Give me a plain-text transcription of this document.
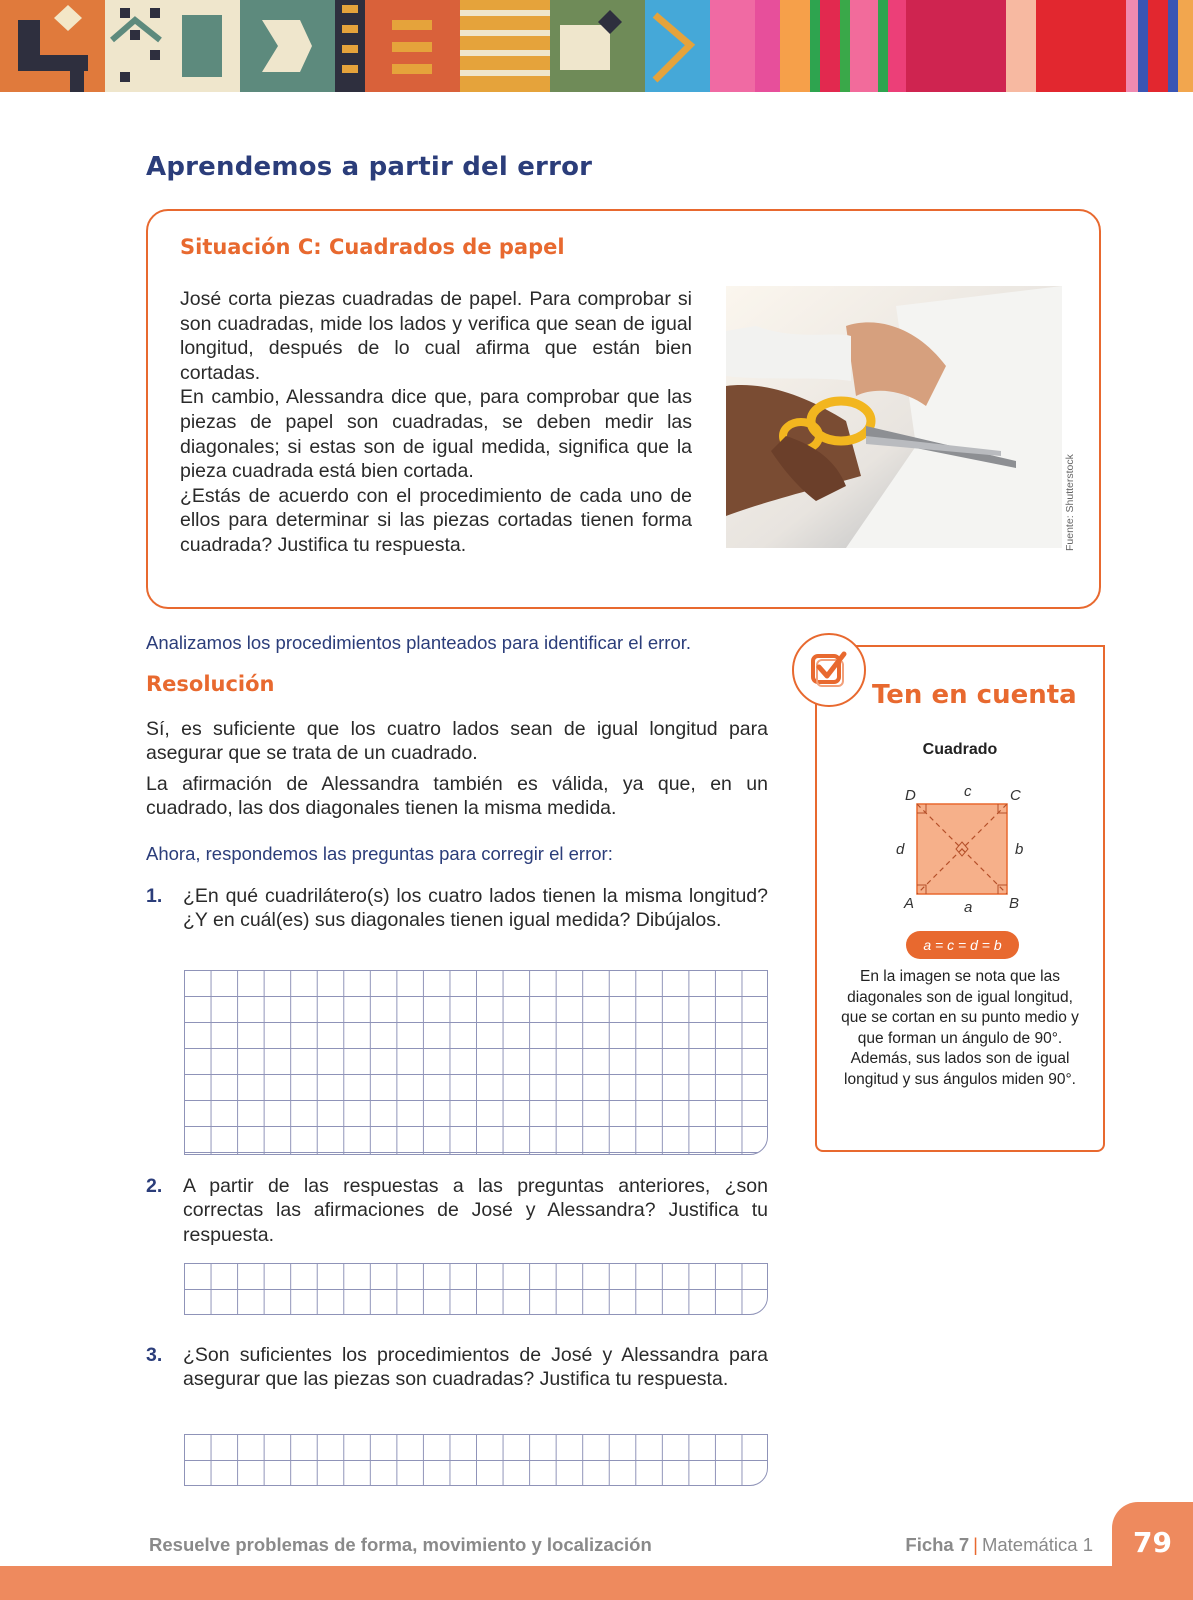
Aprendemos a partir del error
Situación C: Cuadrados de papel

José corta piezas cuadradas de papel. Para comprobar si son cuadradas, mide los lados y verifica que sean de igual longitud, después de lo cual afirma que están bien cortadas.

En cambio, Alessandra dice que, para comprobar que las piezas de papel son cuadradas, se deben medir las diagonales; si estas son de igual medida, significa que la pieza cuadrada está bien cortada.

¿Estás de acuerdo con el procedimiento de cada uno de ellos para determinar si las piezas cortadas tienen forma cuadrada? Justifica tu respuesta.	Fuente: Shutterstock

Analizamos los procedimientos planteados para identificar el error.

Resolución

Sí, es suficiente que los cuatro lados sean de igual longitud para asegurar que se trata de un cuadrado.

La afirmación de Alessandra también es válida, ya que, en un cuadrado, las dos diagonales tienen la misma medida.

Ahora, respondemos las preguntas para corregir el error:

1. ¿En qué cuadrilátero(s) los cuatro lados tienen la misma longitud? ¿Y en cuál(es) sus diagonales tienen igual medida? Dibújalos.
2. A partir de las respuestas a las preguntas anteriores, ¿son correctas las afirmaciones de José y Alessandra? Justifica tu respuesta.
3. ¿Son suficientes los procedimientos de José y Alessandra para asegurar que las piezas son cuadradas? Justifica tu respuesta.
Ten en cuenta
Cuadrado
D	C
A	B
c
a
d	b
a = c = d = b
En la imagen se nota que las diagonales son de igual longitud, que se cortan en su punto medio y que forman un ángulo de 90°. Además, sus lados son de igual longitud y sus ángulos miden 90°.
79
Resuelve problemas de forma, movimiento y localización	Ficha 7 | Matemática 1
